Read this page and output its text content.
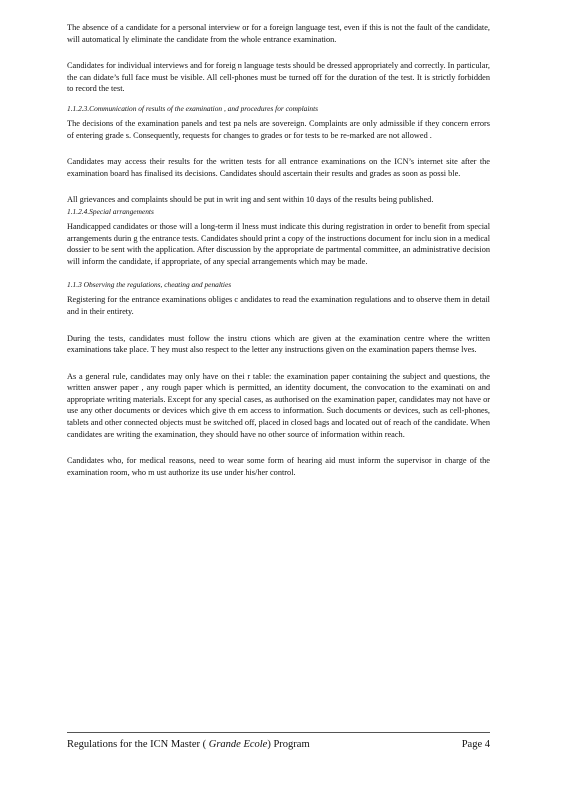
The absence of a candidate for a personal interview or for a foreign language test, even if this is not the fault of the candidate, will automatical ly eliminate the candidate from the whole entrance examination.

Candidates for individual interviews and for foreig n language tests should be dressed appropriately and correctly. In particular, the can didate’s full face must be visible. All cell-phones must be turned off for the duration of the test. It is strictly forbidden to record the test.

1.1.2.3.Communication of results of the examination , and procedures for complaints

The decisions of the examination panels and test pa nels are sovereign. Complaints are only admissible if they concern errors of entering grade s. Consequently, requests for changes to grades or for tests to be re-marked are not allowed .

Candidates may access their results for the written tests for all entrance examinations on the ICN’s internet site after the examination board has finalised its decisions. Candidates should ascertain their results and grades as soon as possi ble.

All grievances and complaints should be put in writ ing and sent within 10 days of the results being published.

1.1.2.4.Special arrangements

Handicapped candidates or those will a long-term il lness must indicate this during registration in order to benefit from special arrangements durin g the entrance tests. Candidates should print a copy of the instructions document for inclu sion in a medical dossier to be sent with the application. After discussion by the appropriate de partmental committee, an administrative decision will inform the candidate, if appropriate, of any special arrangements which may be made.

1.1.3 Observing the regulations, cheating and penalties

Registering for the entrance examinations obliges c andidates to read the examination regulations and to observe them in detail and in their entirety.

During the tests, candidates must follow the instru ctions which are given at the examination centre where the written examinations take place. T hey must also respect to the letter any instructions given on the examination papers themse lves.

As a general rule, candidates may only have on thei r table: the examination paper containing the subject and questions, the written answer paper , any rough paper which is permitted, an identity document, the convocation to the examinati on and appropriate writing materials. Except for any special cases, as authorised on the examination paper, candidates may not have or use any other documents or devices which give th em access to information. Such documents or devices, such as cell-phones, tablets and other connected objects must be switched off, placed in closed bags and located out of reach of the candidate. When candidates are writing the examination, they should have no other source of information within reach.

Candidates who, for medical reasons, need to wear some form of hearing aid must inform the supervisor in charge of the examination room, who m ust authorize its use under his/her control.

Regulations for the ICN Master ( Grande Ecole) Program	Page 4
